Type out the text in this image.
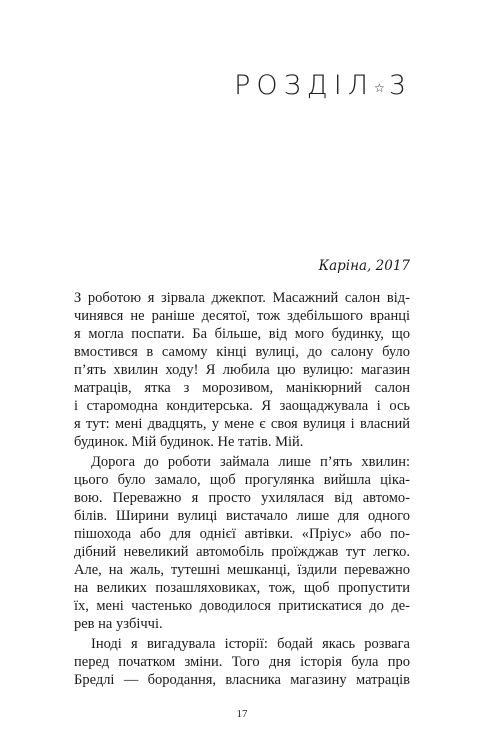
РОЗДІЛ ☆ 3
Каріна, 2017
З роботою я зірвала джекпот. Масажний салон від-
чинявся не раніше десятої, тож здебільшого вранці
я могла поспати. Ба більше, від мого будинку, що
вмостився в самому кінці вулиці, до салону було
п’ять хвилин ходу! Я любила цю вулицю: магазин
матраців, ятка з морозивом, манікюрний салон
і старомодна кондитерська. Я заощаджувала і ось
я тут: мені двадцять, у мене є своя вулиця і власний
будинок. Мій будинок. Не татів. Мій.
Дорога до роботи займала лише п’ять хвилин:
цього було замало, щоб прогулянка вийшла ціка-
вою. Переважно я просто ухилялася від автомо-
білів. Ширини вулиці вистачало лише для одного
пішохода або для однієї автівки. «Пріус» або по-
дібний невеликий автомобіль проїжджав тут легко.
Але, на жаль, тутешні мешканці, їздили переважно
на великих позашляховиках, тож, щоб пропустити
їх, мені частенько доводилося притискатися до де-
рев на узбіччі.
Іноді я вигадувала історії: бодай якась розвага
перед початком зміни. Того дня історія була про
Бредлі — бородання, власника магазину матраців
17
